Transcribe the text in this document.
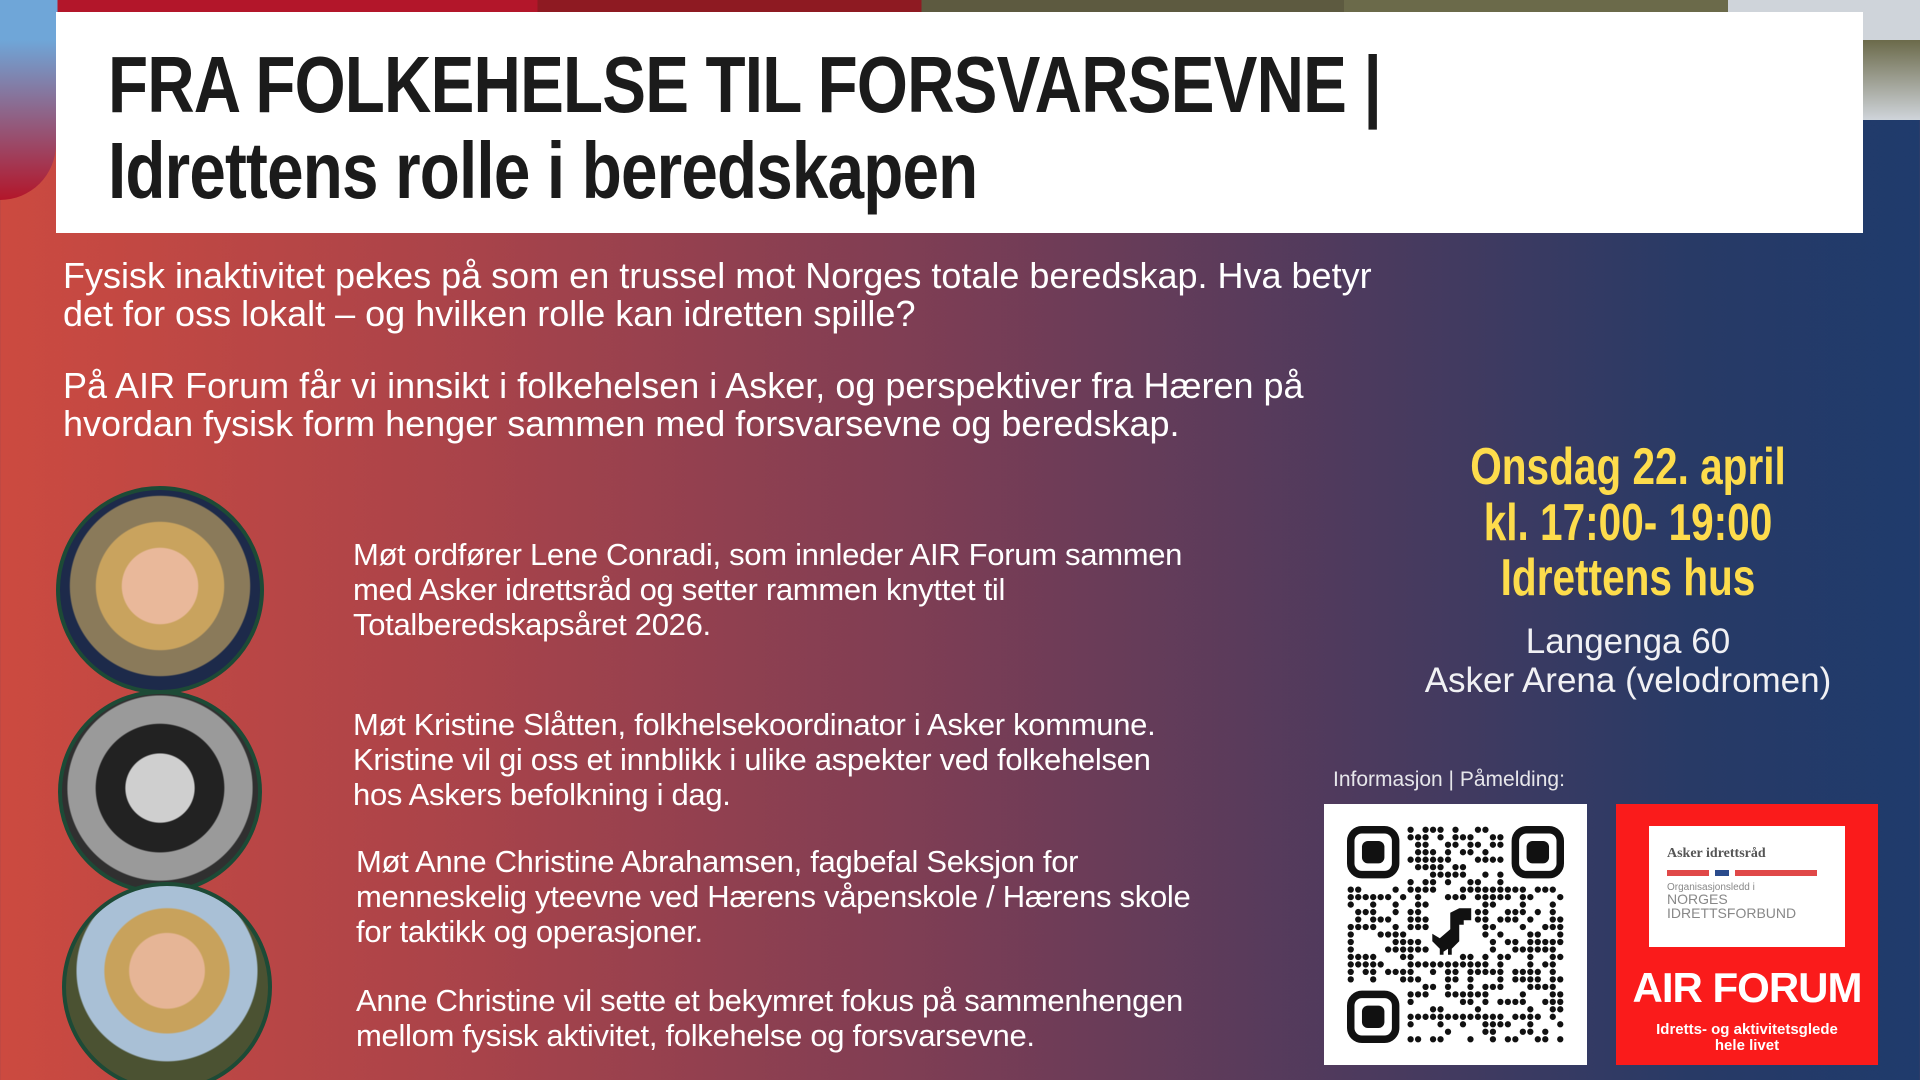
FRA FOLKEHELSE TIL FORSVARSEVNE |
Idrettens rolle i beredskapen
Fysisk inaktivitet pekes på som en trussel mot Norges totale beredskap. Hva betyr
det for oss lokalt – og hvilken rolle kan idretten spille?
På AIR Forum får vi innsikt i folkehelsen i Asker, og perspektiver fra Hæren på
hvordan fysisk form henger sammen med forsvarsevne og beredskap.
Møt ordfører Lene Conradi, som innleder AIR Forum sammen
med Asker idrettsråd og setter rammen knyttet til
Totalberedskapsåret 2026.
Møt Kristine Slåtten, folkhelsekoordinator i Asker kommune.
Kristine vil gi oss et innblikk i ulike aspekter ved folkehelsen
hos Askers befolkning i dag.
Møt Anne Christine Abrahamsen, fagbefal Seksjon for
menneskelig yteevne ved Hærens våpenskole / Hærens skole
for taktikk og operasjoner.
Anne Christine vil sette et bekymret fokus på sammenhengen
mellom fysisk aktivitet, folkehelse og forsvarsevne.
Onsdag 22. april
kl. 17:00- 19:00
Idrettens hus
Langenga 60
Asker Arena (velodromen)
Informasjon | Påmelding:
Asker idrettsråd
Organisasjonsledd i
NORGES
IDRETTSFORBUND
AIR FORUM
Idretts- og aktivitetsglede
hele livet
